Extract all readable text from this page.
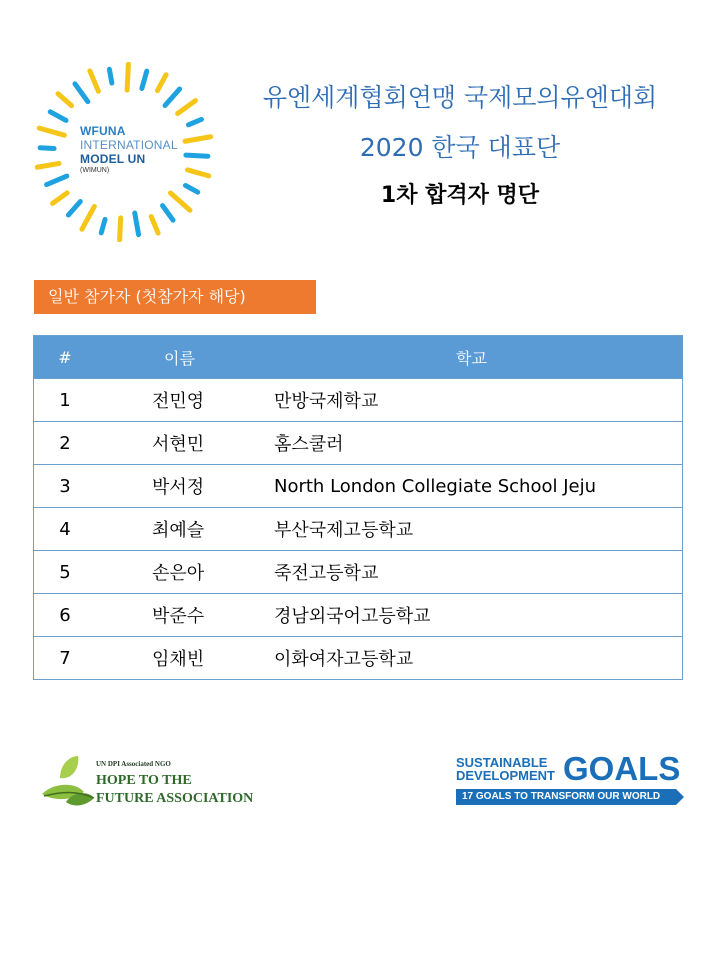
WFUNA
INTERNATIONAL
MODEL UN
(WIMUN)
유엔세계협회연맹 국제모의유엔대회
2020 한국 대표단
1차 합격자 명단
일반 참가자 (첫참가자 해당)
#	이름	학교
1	전민영	만방국제학교
2	서현민	홈스쿨러
3	박서정	North London Collegiate School Jeju
4	최예슬	부산국제고등학교
5	손은아	죽전고등학교
6	박준수	경남외국어고등학교
7	임채빈	이화여자고등학교
UN DPI Associated NGO
HOPE TO THE
FUTURE ASSOCIATION
SUSTAINABLE
DEVELOPMENT GOALS
17 GOALS TO TRANSFORM OUR WORLD
